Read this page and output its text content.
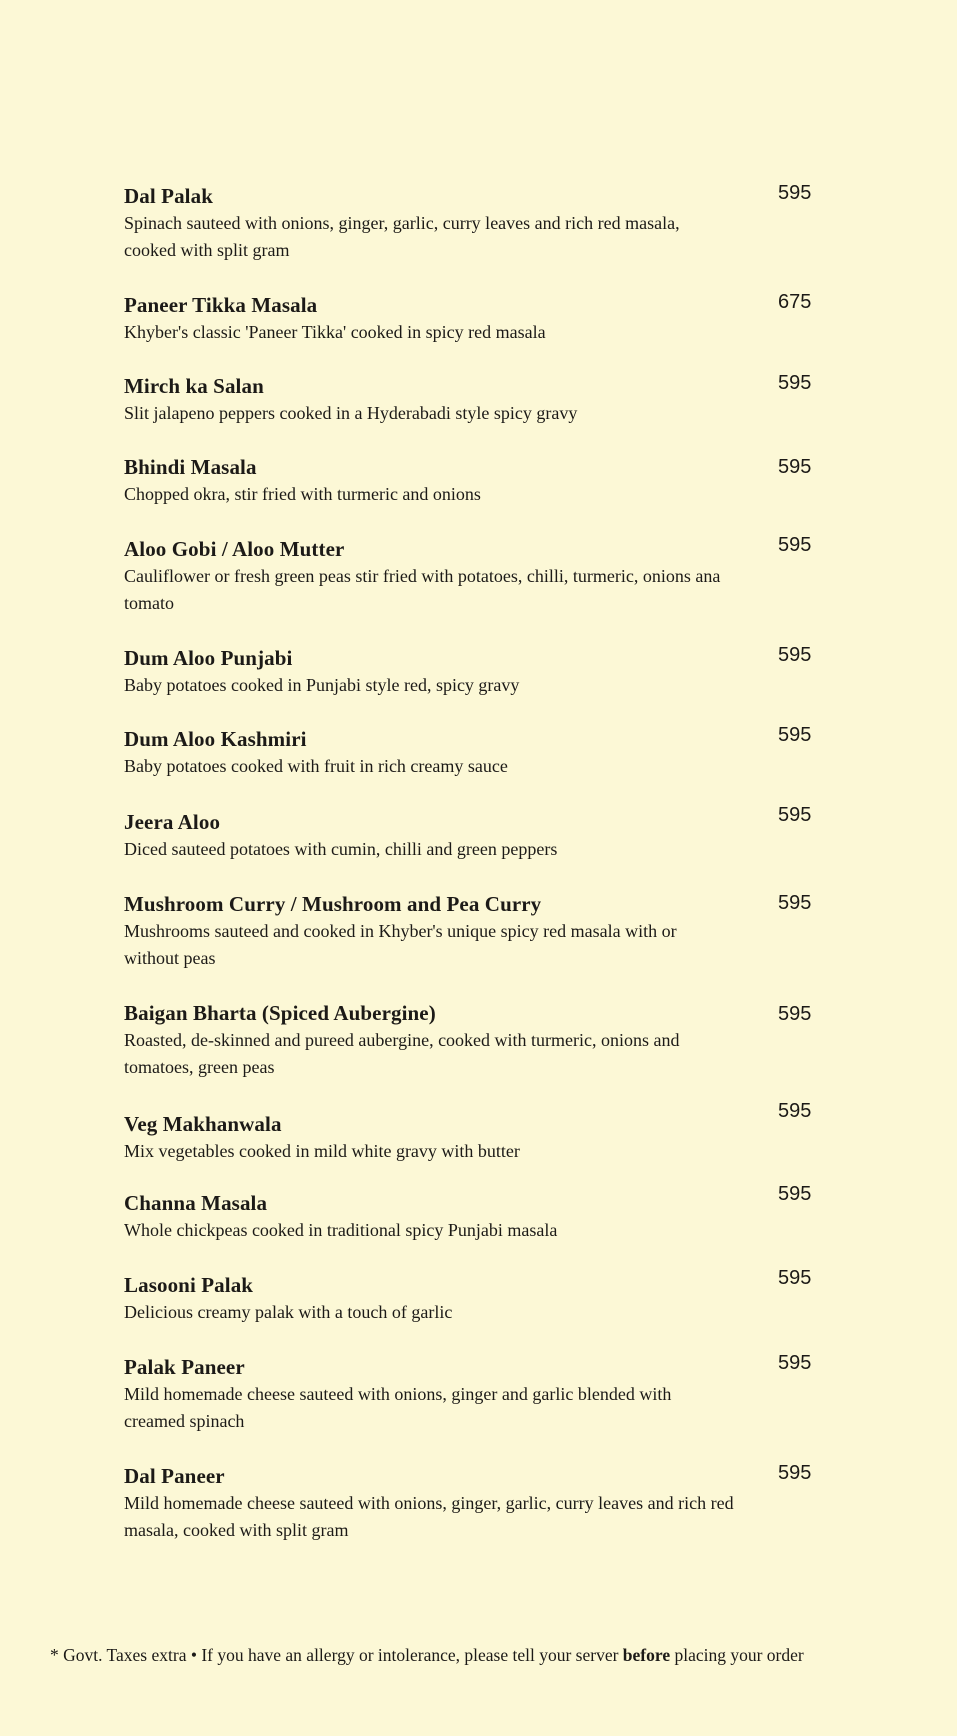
Dal Palak
Spinach sauteed with onions, ginger, garlic, curry leaves and rich red masala, cooked with split gram
595
Paneer Tikka Masala
Khyber's classic 'Paneer Tikka' cooked in spicy red masala
675
Mirch ka Salan
Slit jalapeno peppers cooked in a Hyderabadi style spicy gravy
595
Bhindi Masala
Chopped okra, stir fried with turmeric and onions
595
Aloo Gobi / Aloo Mutter
Cauliflower or fresh green peas stir fried with potatoes, chilli, turmeric, onions ana tomato
595
Dum Aloo Punjabi
Baby potatoes cooked in Punjabi style red, spicy gravy
595
Dum Aloo Kashmiri
Baby potatoes cooked with fruit in rich creamy sauce
595
Jeera Aloo
Diced sauteed potatoes with cumin, chilli and green peppers
595
Mushroom Curry / Mushroom and Pea Curry
Mushrooms sauteed and cooked in Khyber's unique spicy red masala with or without peas
595
Baigan Bharta (Spiced Aubergine)
Roasted, de-skinned and pureed aubergine, cooked with turmeric, onions and tomatoes, green peas
595
Veg Makhanwala
Mix vegetables cooked in mild white gravy with butter
595
Channa Masala
Whole chickpeas cooked in traditional spicy Punjabi masala
595
Lasooni Palak
Delicious creamy palak with a touch of garlic
595
Palak Paneer
Mild homemade cheese sauteed with onions, ginger and garlic blended with creamed spinach
595
Dal Paneer
Mild homemade cheese sauteed with onions, ginger, garlic, curry leaves and rich red masala, cooked with split gram
595
* Govt. Taxes extra • If you have an allergy or intolerance, please tell your server before placing your order
